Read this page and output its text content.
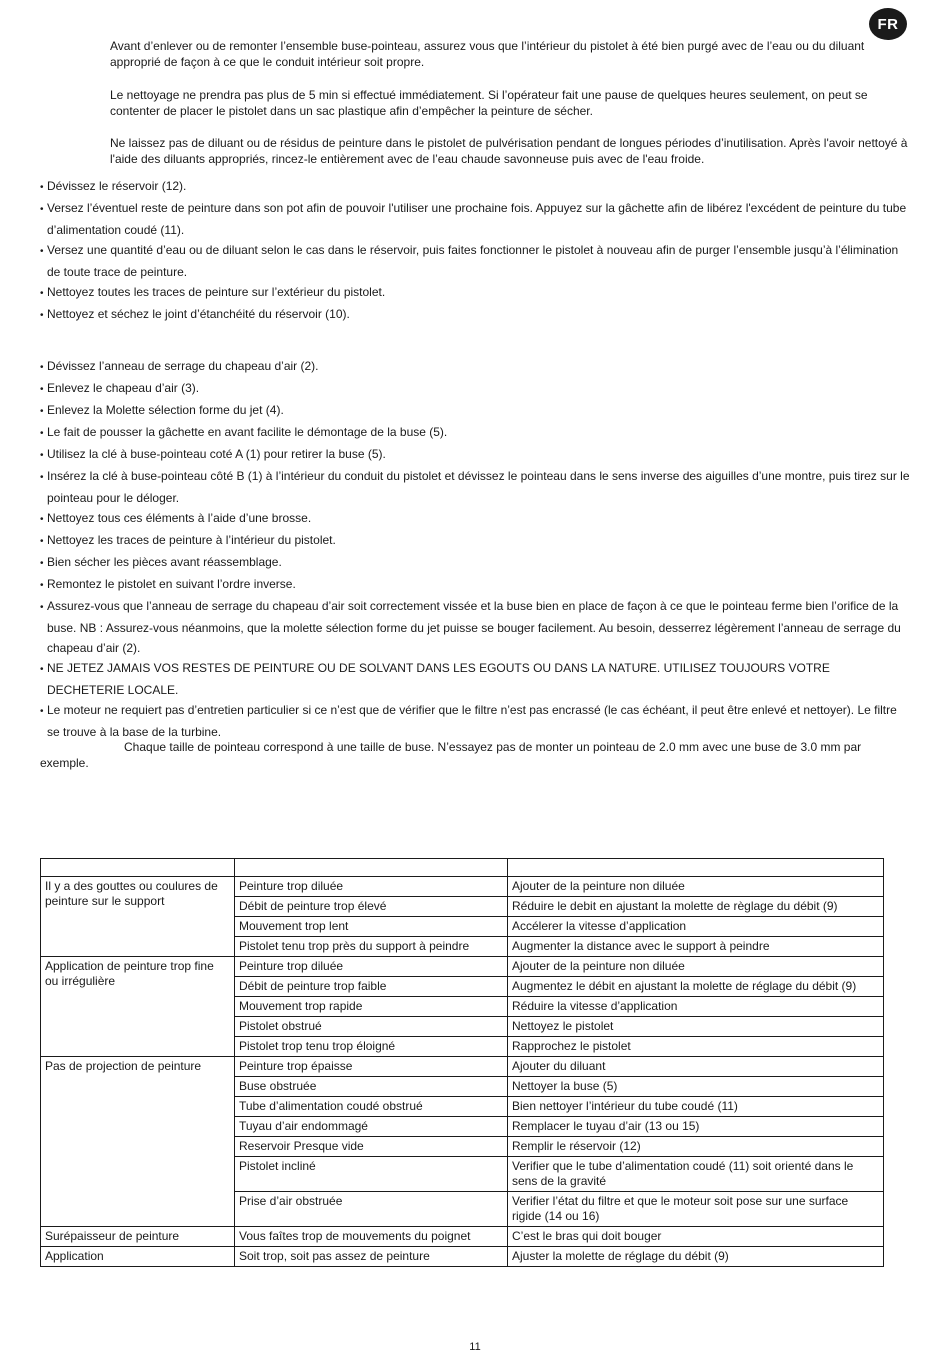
FR

Avant d’enlever ou de remonter l’ensemble buse-pointeau, assurez vous que l’intérieur du pistolet à été bien purgé avec de l’eau ou du diluant approprié de façon à ce que le conduit intérieur soit propre.

Le nettoyage ne prendra pas plus de 5 min si effectué immédiatement. Si l’opérateur fait une pause de quelques heures seulement, on peut se contenter de placer le pistolet dans un sac plastique afin d’empêcher la peinture de sécher.

Ne laissez pas de diluant ou de résidus de peinture dans le pistolet de pulvérisation pendant de longues périodes d’inutilisation. Après l'avoir nettoyé à l'aide des diluants appropriés, rincez-le entièrement avec de l’eau chaude savonneuse puis avec de l'eau froide.

• Dévissez le réservoir (12).
• Versez l’éventuel reste de peinture dans son pot afin de pouvoir l'utiliser une prochaine fois. Appuyez sur la gâchette afin de libérez l'excédent de peinture du tube d’alimentation coudé (11).
• Versez une quantité d’eau ou de diluant selon le cas dans le réservoir, puis faites fonctionner le pistolet à nouveau afin de purger l’ensemble jusqu’à l’élimination de toute trace de peinture.
• Nettoyez toutes les traces de peinture sur l’extérieur du pistolet.
• Nettoyez et séchez le joint d’étanchéité du réservoir (10).
• Dévissez l’anneau de serrage du chapeau d’air (2).
• Enlevez le chapeau d’air (3).
• Enlevez la Molette sélection forme du jet (4).
• Le fait de pousser la gâchette en avant facilite le démontage de la buse (5).
• Utilisez la clé à buse-pointeau coté A (1) pour retirer la buse (5).
• Insérez la clé à buse-pointeau côté B (1) à l’intérieur du conduit du pistolet et dévissez le pointeau dans le sens inverse des aiguilles d’une montre, puis tirez sur le pointeau pour le déloger.
• Nettoyez tous ces éléments à l’aide d’une brosse.
• Nettoyez les traces de peinture à l’intérieur du pistolet.
• Bien sécher les pièces avant réassemblage.
• Remontez le pistolet en suivant l’ordre inverse.
• Assurez-vous que l’anneau de serrage du chapeau d’air soit correctement vissée et la buse bien en place de façon à ce que le pointeau ferme bien l’orifice de la buse. NB : Assurez-vous néanmoins, que la molette sélection forme du jet puisse se bouger facilement. Au besoin, desserrez légèrement l’anneau de serrage du chapeau d’air (2).
• NE JETEZ JAMAIS VOS RESTES DE PEINTURE OU DE SOLVANT DANS LES EGOUTS OU DANS LA NATURE. UTILISEZ TOUJOURS VOTRE DECHETERIE LOCALE.
• Le moteur ne requiert pas d’entretien particulier si ce n’est que de vérifier que le filtre n’est pas encrassé (le cas échéant, il peut être enlevé et nettoyer). Le filtre se trouve à la base de la turbine.

Chaque taille de pointeau correspond à une taille de buse. N’essayez pas de monter un pointeau de 2.0 mm avec une buse de 3.0 mm par exemple.

Il y a des gouttes ou coulures de peinture sur le support	Peinture trop diluée	Ajouter de la peinture non diluée
	Débit de peinture trop élevé	Réduire le debit en ajustant la molette de règlage du débit (9)
	Mouvement trop lent	Accélerer la vitesse d’application
	Pistolet tenu trop près du support à peindre	Augmenter la distance avec le support à peindre
Application de peinture trop fine ou irrégulière	Peinture trop diluée	Ajouter de la peinture non diluée
	Débit de peinture trop faible	Augmentez le débit en ajustant la molette de réglage du débit (9)
	Mouvement trop rapide	Réduire la vitesse d’application
	Pistolet obstrué	Nettoyez le pistolet
	Pistolet trop tenu trop éloigné	Rapprochez le pistolet
Pas de projection de peinture	Peinture trop épaisse	Ajouter du diluant
	Buse obstruée	Nettoyer la buse (5)
	Tube d’alimentation coudé obstrué	Bien nettoyer l’intérieur du tube coudé (11)
	Tuyau d’air endommagé	Remplacer le tuyau d’air (13 ou 15)
	Reservoir Presque vide	Remplir le réservoir (12)
	Pistolet incliné	Verifier que le tube d’alimentation coudé (11) soit orienté dans le sens de la gravité
	Prise d’air obstruée	Verifier l’état du filtre et que le moteur soit pose sur une surface rigide (14 ou 16)
Surépaisseur de peinture	Vous faîtes trop de mouvements du poignet	C’est le bras qui doit bouger
Application	Soit trop, soit pas assez de peinture	Ajuster la molette de réglage du débit (9)
11
